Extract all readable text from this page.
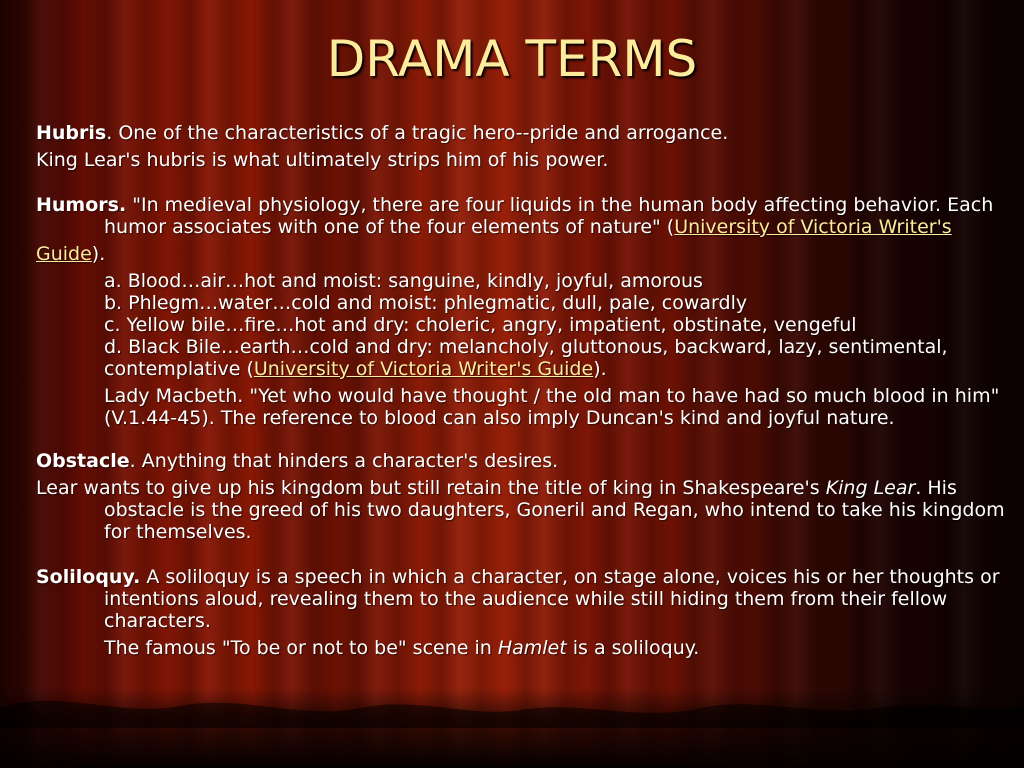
DRAMA TERMS
Hubris. One of the characteristics of a tragic hero--pride and arrogance.
King Lear's hubris is what ultimately strips him of his power.
Humors. "In medieval physiology, there are four liquids in the human body affecting behavior. Each humor associates with one of the four elements of nature" (University of Victoria Writer's
Guide).
a. Blood…air…hot and moist: sanguine, kindly, joyful, amorous
b. Phlegm…water…cold and moist: phlegmatic, dull, pale, cowardly
c. Yellow bile…fire…hot and dry: choleric, angry, impatient, obstinate, vengeful
d. Black Bile…earth…cold and dry: melancholy, gluttonous, backward, lazy, sentimental, contemplative (University of Victoria Writer's Guide).
Lady Macbeth. "Yet who would have thought / the old man to have had so much blood in him" (V.1.44-45). The reference to blood can also imply Duncan's kind and joyful nature.
Obstacle. Anything that hinders a character's desires.
Lear wants to give up his kingdom but still retain the title of king in Shakespeare's King Lear. His obstacle is the greed of his two daughters, Goneril and Regan, who intend to take his kingdom for themselves.
Soliloquy. A soliloquy is a speech in which a character, on stage alone, voices his or her thoughts or intentions aloud, revealing them to the audience while still hiding them from their fellow characters.
The famous "To be or not to be" scene in Hamlet is a soliloquy.
